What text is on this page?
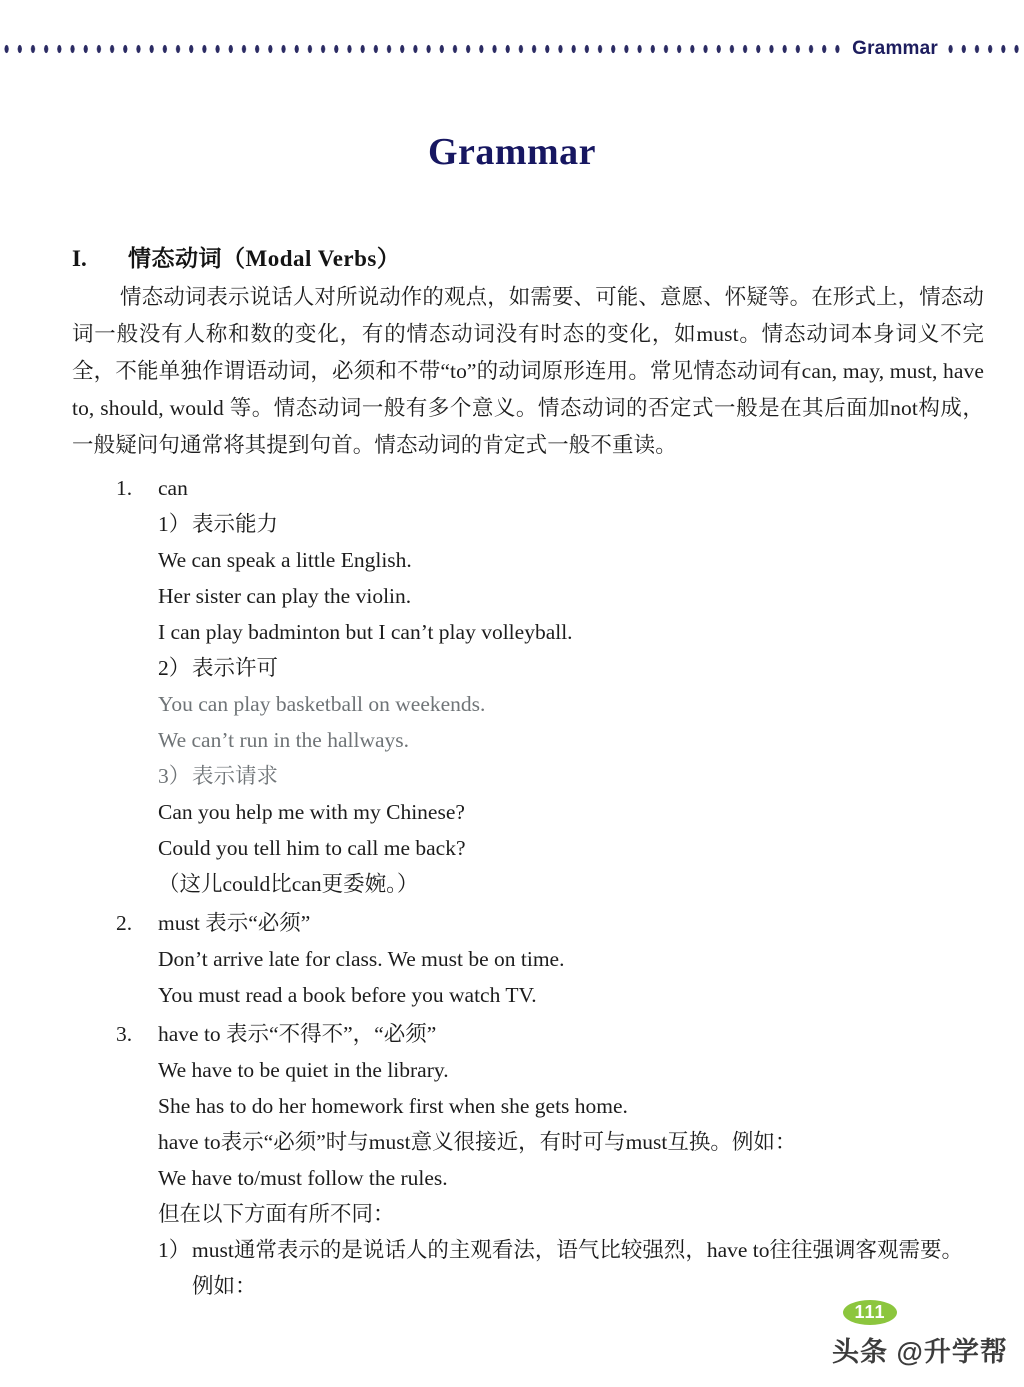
Grammar
Grammar
I.	情态动词（Modal Verbs）

情态动词表示说话人对所说动作的观点，如需要、可能、意愿、怀疑等。在形式上，情态动词一般没有人称和数的变化，有的情态动词没有时态的变化，如must。情态动词本身词义不完全，不能单独作谓语动词，必须和不带“to”的动词原形连用。常见情态动词有can, may, must, have to, should, would 等。情态动词一般有多个意义。情态动词的否定式一般是在其后面加not构成，一般疑问句通常将其提到句首。情态动词的肯定式一般不重读。

1.	can
1） 表示能力
We can speak a little English.
Her sister can play the violin.
I can play badminton but I can’t play volleyball.
2） 表示许可
You can play basketball on weekends.
We can’t run in the hallways.
3） 表示请求
Can you help me with my Chinese?
Could you tell him to call me back?
（这儿could比can更委婉。）
2.	must 表示“必须”
Don’t arrive late for class. We must be on time.
You must read a book before you watch TV.
3.	have to 表示“不得不”，“必须”
We have to be quiet in the library.
She has to do her homework first when she gets home.
have to表示“必须”时与must意义很接近，有时可与must互换。例如：
We have to/must follow the rules.
但在以下方面有所不同：
1） must通常表示的是说话人的主观看法，语气比较强烈，have to往往强调客观需要。例如：
111
头条 @升学帮
